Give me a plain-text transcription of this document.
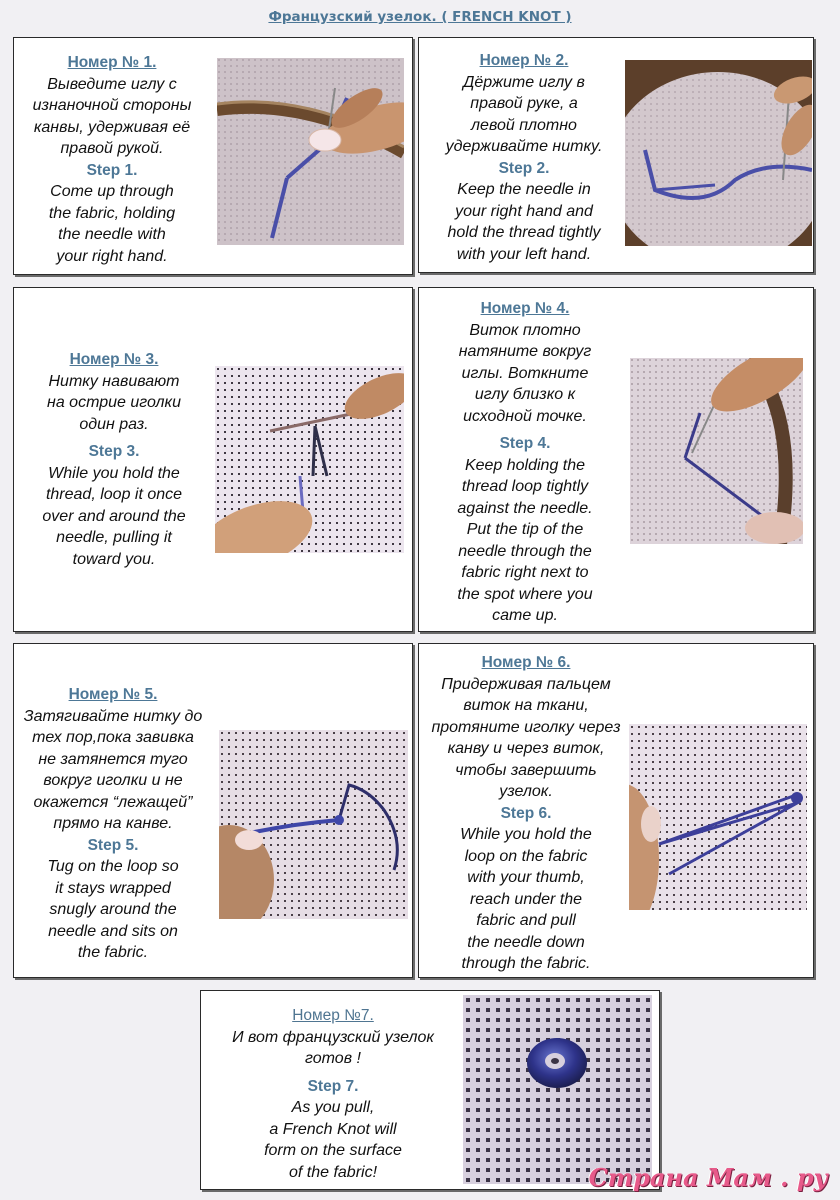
Французский узелок. ( FRENCH KNOT )
Номер № 1.
Выведите иглу с
изнаночной стороны
канвы, удерживая её
правой рукой.
Step 1.
Come up through
the fabric, holding
the needle with
your right hand.
Номер № 2.
Дёржите иглу в
правой руке, а
левой плотно
удерживайте нитку.
Step 2.
Keep the needle in
your right hand and
hold the thread tightly
with your left hand.
Номер № 3.
Нитку навивают
на острие иголки
один раз.
Step 3.
While you hold the
thread, loop it once
over and around the
needle, pulling it
toward you.
Номер № 4.
Виток плотно
натяните вокруг
иглы. Воткните
иглу близко к
исходной точке.
Step 4.
Keep holding the
thread loop tightly
against the needle.
Put the tip of the
needle through the
fabric right next to
the spot where you
came up.
Номер № 5.
Затягивайте нитку до
тех пор,пока завивка
не затянется туго
вокруг иголки и не
окажется “лежащей”
прямо на канве.
Step 5.
Tug on the loop so
it stays wrapped
snugly around the
needle and sits on
the fabric.
Номер № 6.
Придерживая пальцем
виток на ткани,
протяните иголку через
канву и через виток,
чтобы завершить
узелок.
Step 6.
While you hold the
loop on the fabric
with your thumb,
reach under the
fabric and pull
the needle down
through the fabric.
Номер №7.
И вот французский узелок
готов !
Step 7.
As you pull,
a French Knot will
form on the surface
of the fabric!	Страна Мам . ру
